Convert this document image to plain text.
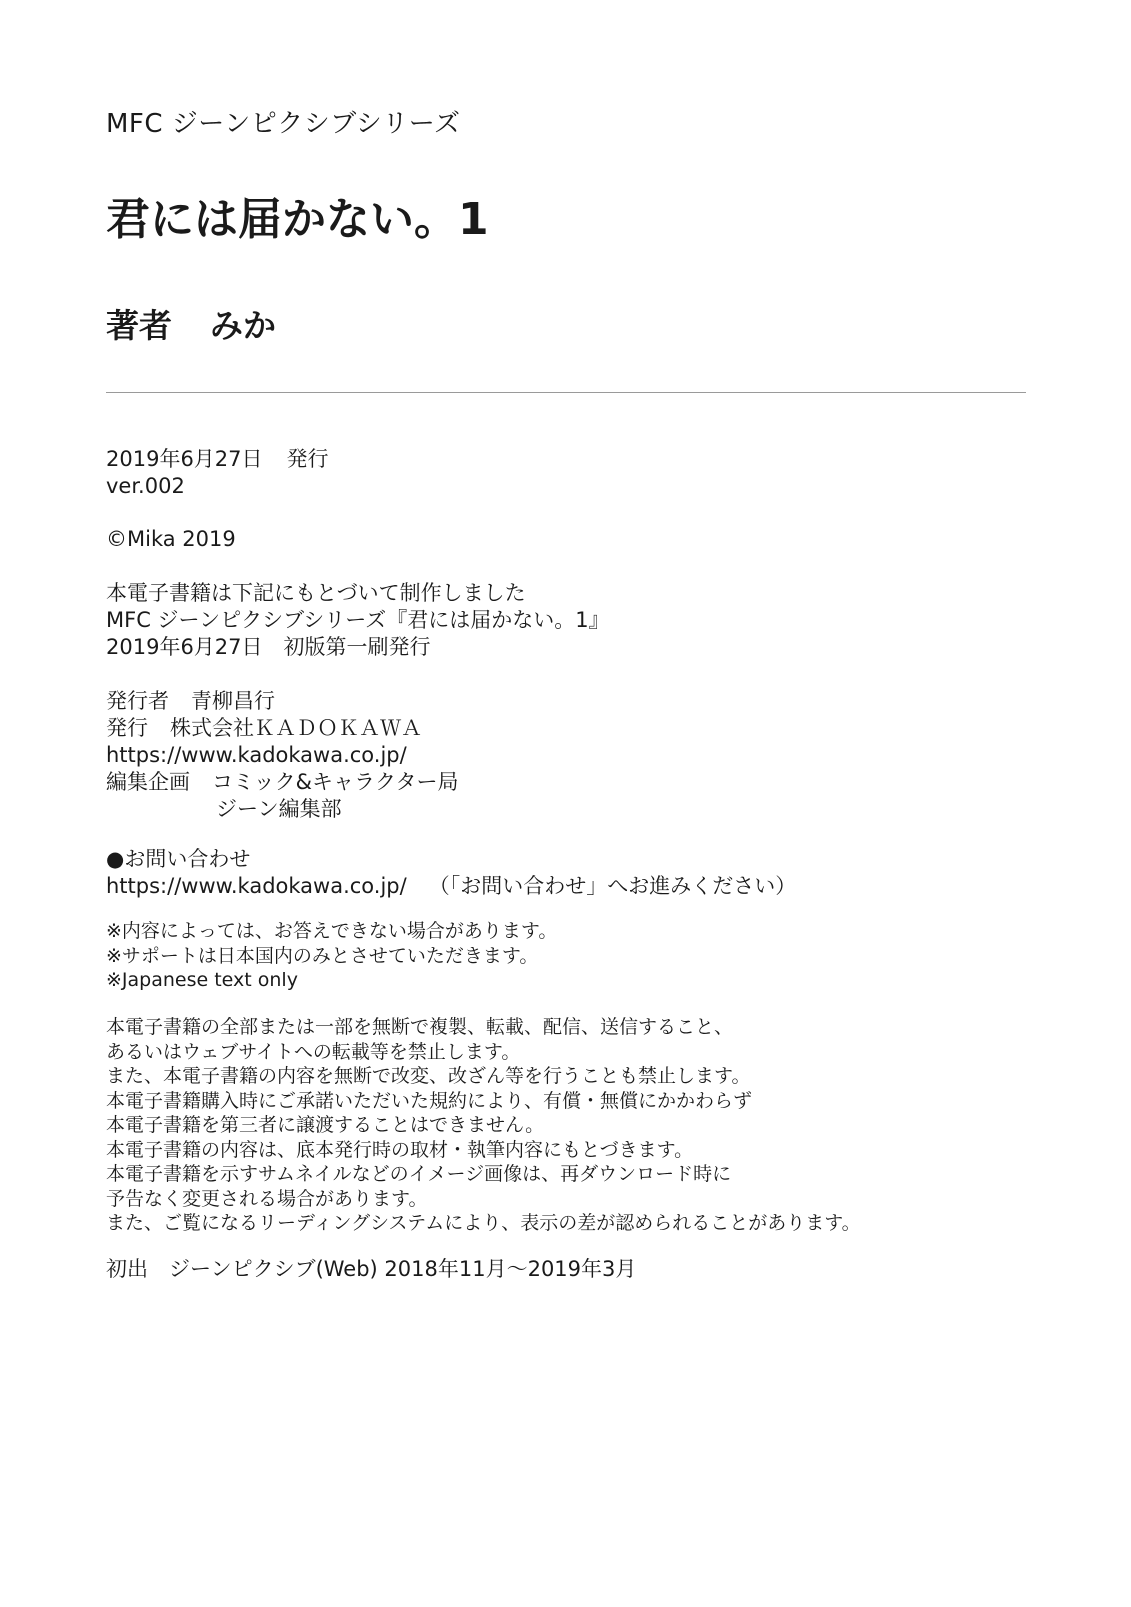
MFC ジーンピクシブシリーズ
君には届かない。1
著者 みか
2019年6月27日 発行
ver.002
©Mika 2019
本電子書籍は下記にもとづいて制作しました
MFC ジーンピクシブシリーズ『君には届かない。1』
2019年6月27日　初版第一刷発行
発行者 青柳昌行
発行 株式会社ＫＡＤＯＫＡＷＡ
https://www.kadokawa.co.jp/
編集企画 コミック&キャラクター局
ジーン編集部
●お問い合わせ
https://www.kadokawa.co.jp/ （「お問い合わせ」へお進みください）
※内容によっては、お答えできない場合があります。
※サポートは日本国内のみとさせていただきます。
※Japanese text only
本電子書籍の全部または一部を無断で複製、転載、配信、送信すること、
あるいはウェブサイトへの転載等を禁止します。
また、本電子書籍の内容を無断で改変、改ざん等を行うことも禁止します。
本電子書籍購入時にご承諾いただいた規約により、有償・無償にかかわらず
本電子書籍を第三者に譲渡することはできません。
本電子書籍の内容は、底本発行時の取材・執筆内容にもとづきます。
本電子書籍を示すサムネイルなどのイメージ画像は、再ダウンロード時に
予告なく変更される場合があります。
また、ご覧になるリーディングシステムにより、表示の差が認められることがあります。
初出　ジーンピクシブ(Web) 2018年11月～2019年3月
